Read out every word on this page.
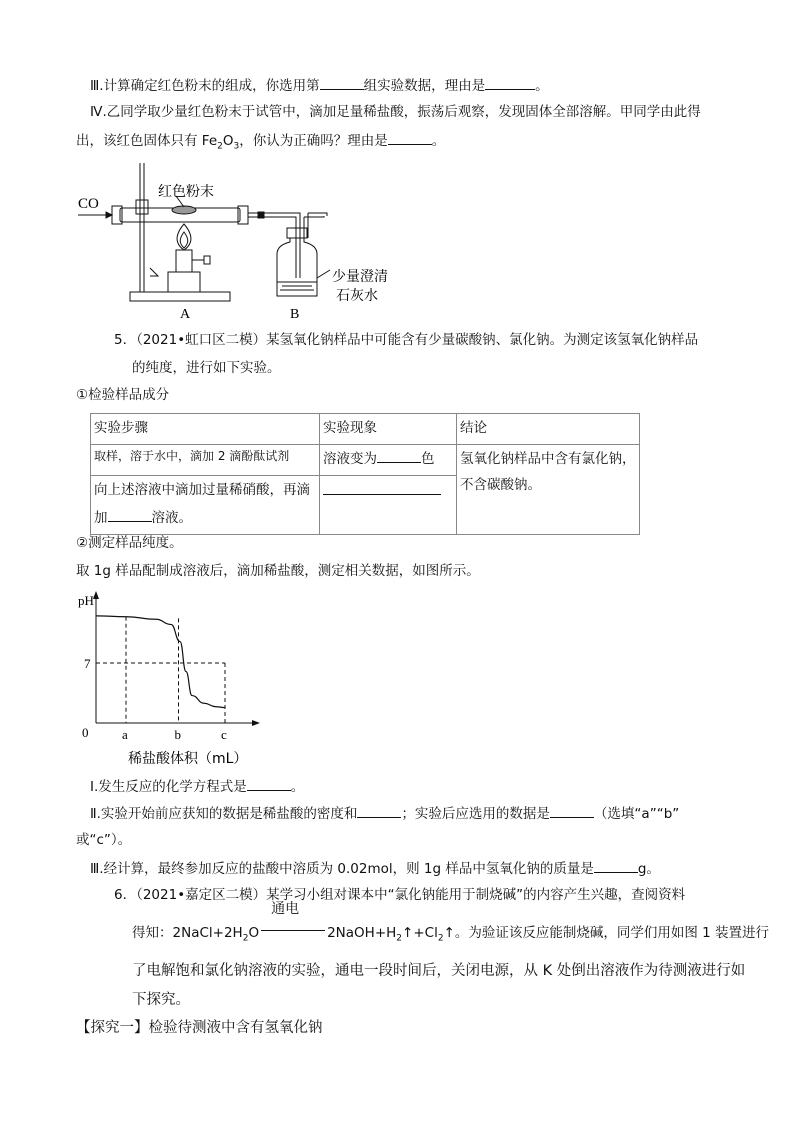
Ⅲ.计算确定红色粉末的组成，你选用第	组实验数据，理由是	。
Ⅳ.乙同学取少量红色粉末于试管中，滴加足量稀盐酸，振荡后观察，发现固体全部溶解。甲同学由此得
出，该红色固体只有 $Fe_2O_3$，你认为正确吗？理由是	。
CO
红色粉末
少量澄清
石灰水
A	B
5．（2021•虹口区二模）某氢氧化钠样品中可能含有少量碳酸钠、氯化钠。为测定该氢氧化钠样品
的纯度，进行如下实验。
①检验样品成分
实验步骤	实验现象	结论
取样，溶于水中，滴加 2 滴酚酞试剂	溶液变为 色	氢氧化钠样品中含有氯化钠，
不含碳酸钠。

向上述溶液中滴加过量稀硝酸，再滴
加 溶液。		

②测定样品纯度。
取 1g 样品配制成溶液后，滴加稀盐酸，测定相关数据，如图所示。
pH
0
稀盐酸体积（mL）
7
a	b	c
Ⅰ.发生反应的化学方程式是	。
Ⅱ.实验开始前应获知的数据是稀盐酸的密度和	；实验后应选用的数据是	（选填“a”“b”
或“c”）。
Ⅲ.经计算，最终参加反应的盐酸中溶质为 0.02mol，则 1g 样品中氢氧化钠的质量是	g。
6．（2021•嘉定区二模）某学习小组对课本中“氯化钠能用于制烧碱”的内容产生兴趣，查阅资料
得知：$2NaCl+2H_2O$
通电
$2NaOH+H_2↑+Cl_2↑$。为验证该反应能制烧碱，同学们用如图 1 装置进行
了电解饱和氯化钠溶液的实验，通电一段时间后，关闭电源，从 K 处倒出溶液作为待测液进行如
下探究。
【探究一】检验待测液中含有氢氧化钠
